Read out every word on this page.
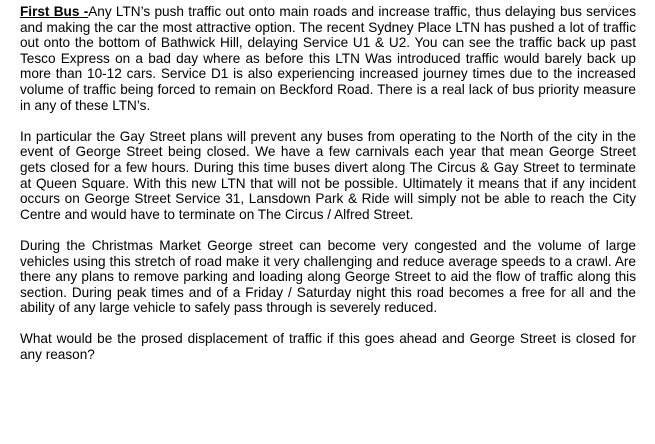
First Bus -Any LTN’s push traffic out onto main roads and increase traffic, thus delaying bus services and making the car the most attractive option. The recent Sydney Place LTN has pushed a lot of traffic out onto the bottom of Bathwick Hill, delaying Service U1 & U2. You can see the traffic back up past Tesco Express on a bad day where as before this LTN Was introduced traffic would barely back up more than 10-12 cars. Service D1 is also experiencing increased journey times due to the increased volume of traffic being forced to remain on Beckford Road. There is a real lack of bus priority measure in any of these LTN’s.

In particular the Gay Street plans will prevent any buses from operating to the North of the city in the event of George Street being closed. We have a few carnivals each year that mean George Street gets closed for a few hours. During this time buses divert along The Circus & Gay Street to terminate at Queen Square. With this new LTN that will not be possible. Ultimately it means that if any incident occurs on George Street Service 31, Lansdown Park & Ride will simply not be able to reach the City Centre and would have to terminate on The Circus / Alfred Street.

During the Christmas Market George street can become very congested and the volume of large vehicles using this stretch of road make it very challenging and reduce average speeds to a crawl. Are there any plans to remove parking and loading along George Street to aid the flow of traffic along this section. During peak times and of a Friday / Saturday night this road becomes a free for all and the ability of any large vehicle to safely pass through is severely reduced.

What would be the prosed displacement of traffic if this goes ahead and George Street is closed for any reason?
